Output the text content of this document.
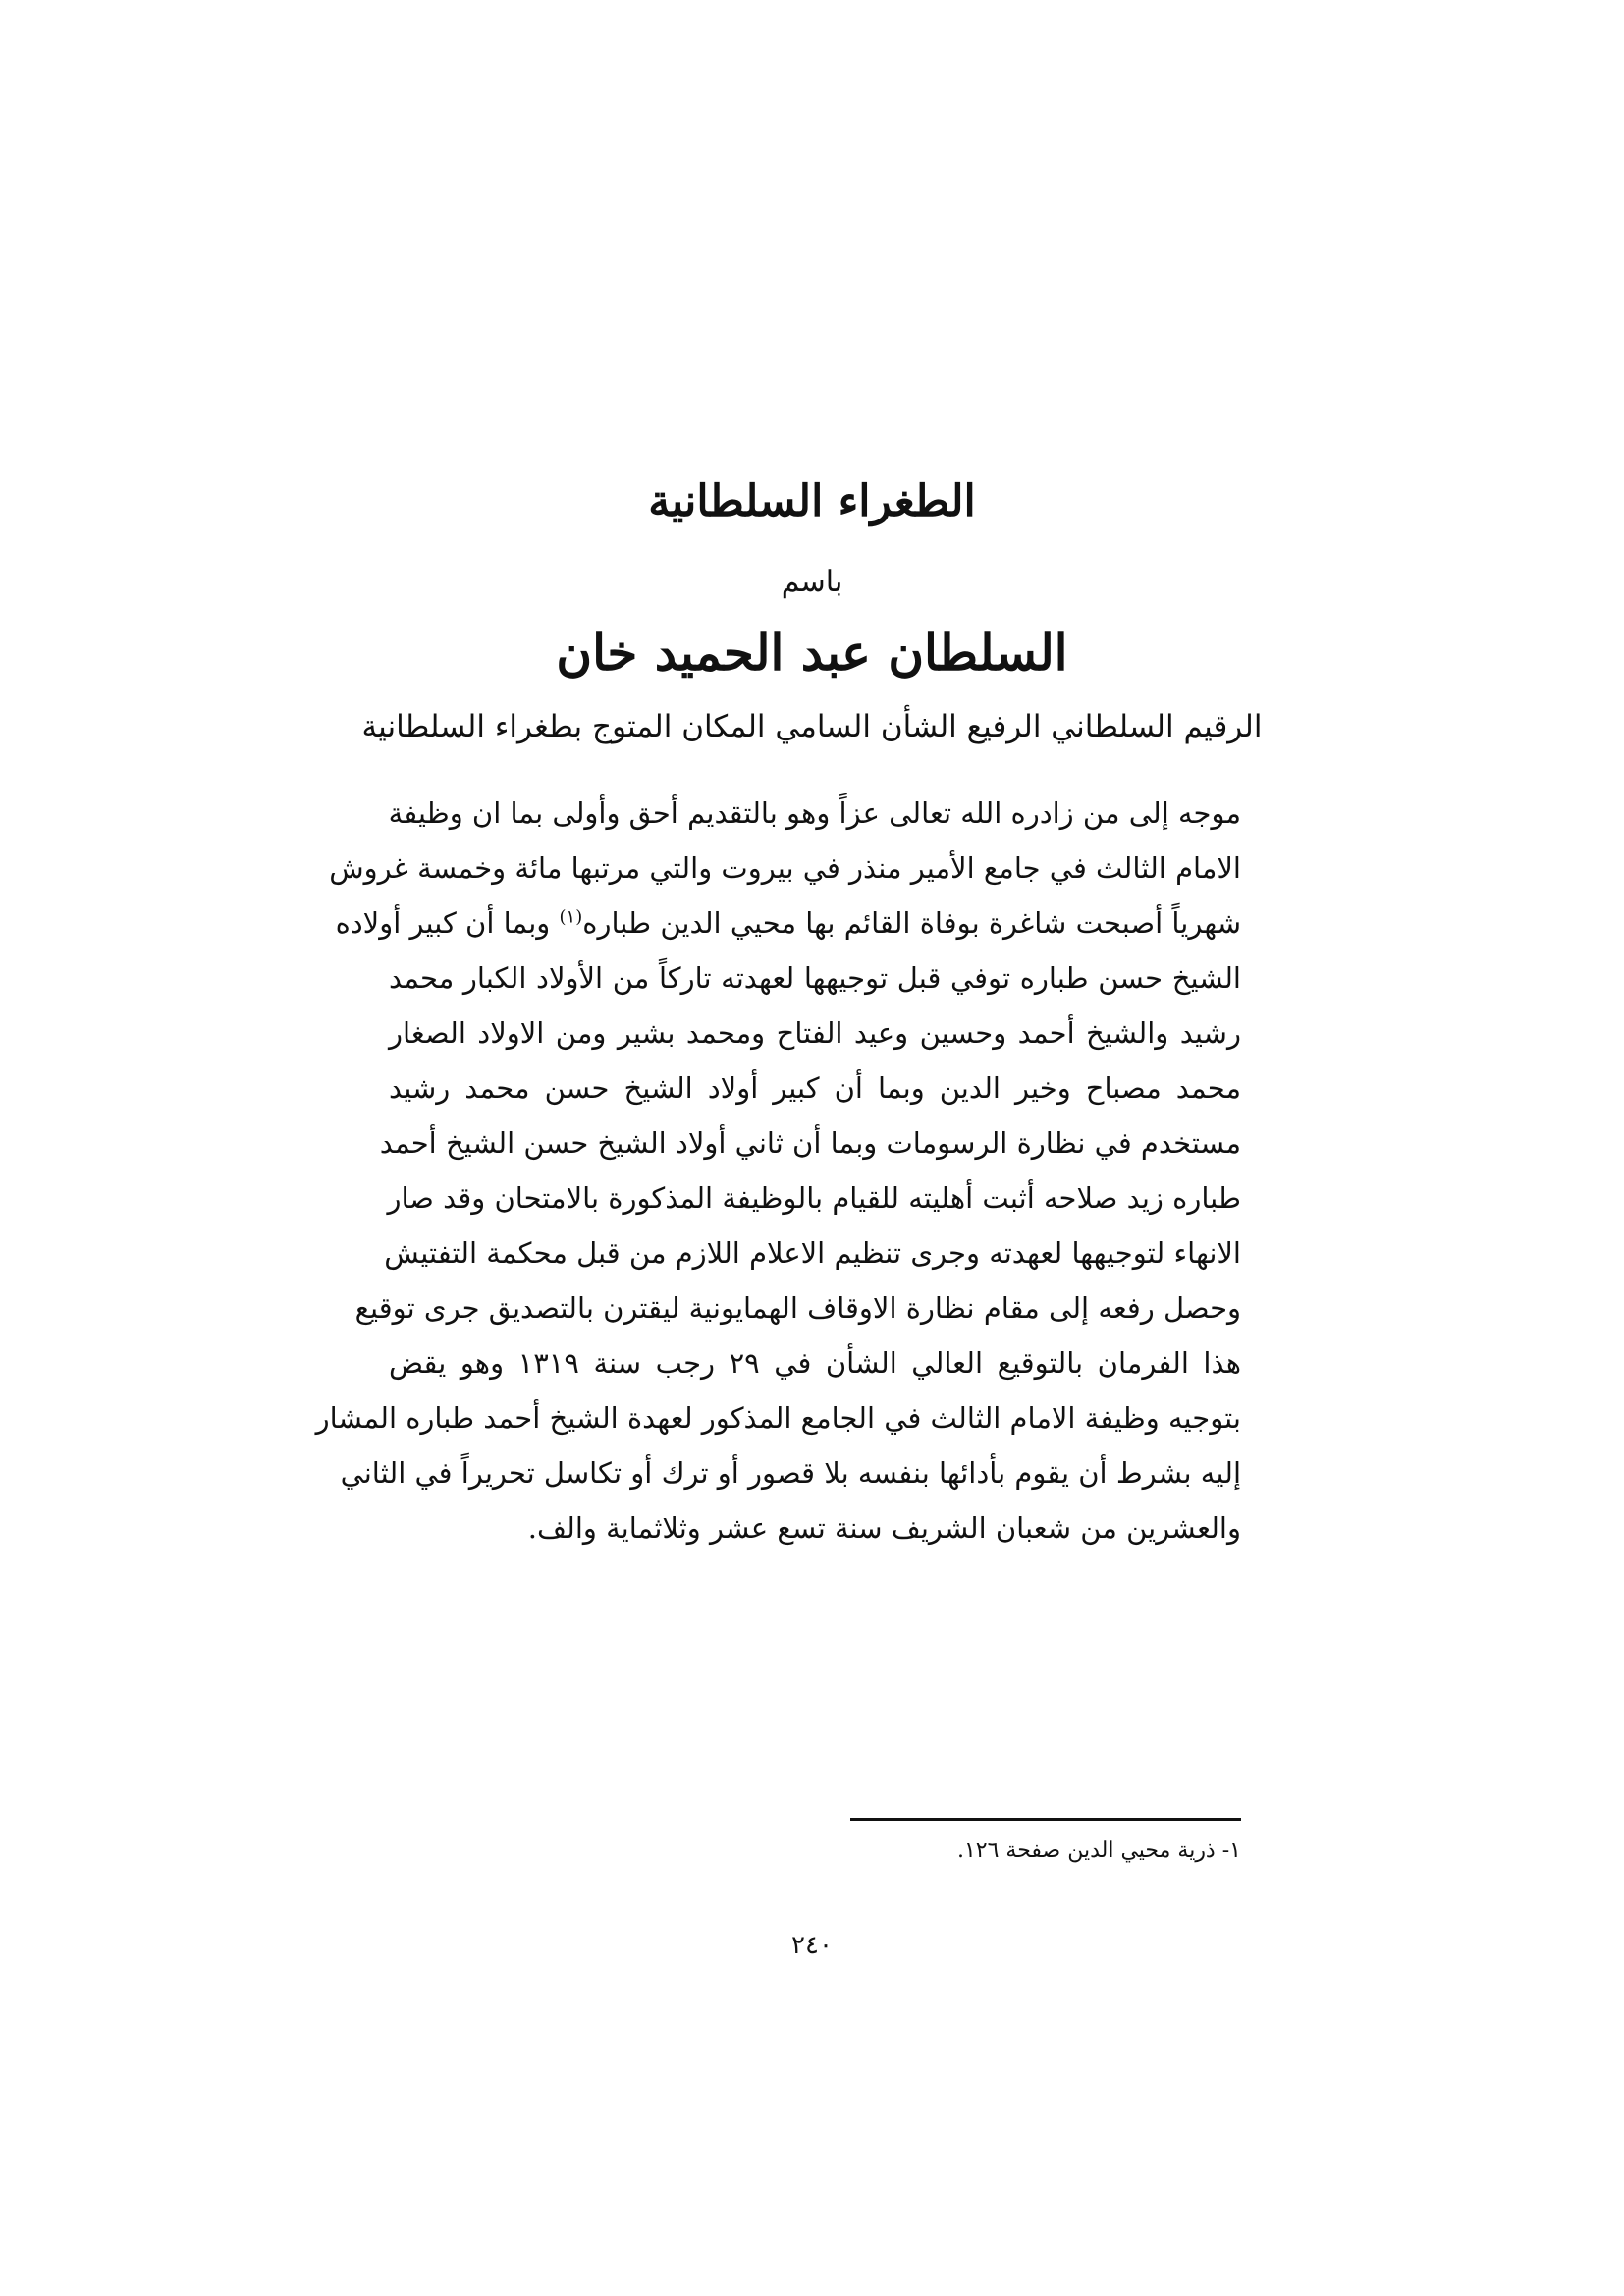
الطغراء السلطانية
باسم
السلطان عبد الحميد خان
الرقيم السلطاني الرفيع الشأن السامي المكان المتوج بطغراء السلطانية
موجه إلى من زادره الله تعالى عزاً وهو بالتقديم أحق وأولى بما ان وظيفة
الامام الثالث في جامع الأمير منذر في بيروت والتي مرتبها مائة وخمسة غروش
شهرياً أصبحت شاغرة بوفاة القائم بها محيي الدين طباره$^{(١)}$ وبما أن كبير أولاده
الشيخ حسن طباره توفي قبل توجيهها لعهدته تاركاً من الأولاد الكبار محمد
رشيد والشيخ أحمد وحسين وعيد الفتاح ومحمد بشير ومن الاولاد الصغار
محمد مصباح وخير الدين وبما أن كبير أولاد الشيخ حسن محمد رشيد
مستخدم في نظارة الرسومات وبما أن ثاني أولاد الشيخ حسن الشيخ أحمد
طباره زيد صلاحه أثبت أهليته للقيام بالوظيفة المذكورة بالامتحان وقد صار
الانهاء لتوجيهها لعهدته وجرى تنظيم الاعلام اللازم من قبل محكمة التفتيش
وحصل رفعه إلى مقام نظارة الاوقاف الهمايونية ليقترن بالتصديق جرى توقيع
هذا الفرمان بالتوقيع العالي الشأن في ٢٩ رجب سنة ١٣١٩ وهو يقض
بتوجيه وظيفة الامام الثالث في الجامع المذكور لعهدة الشيخ أحمد طباره المشار
إليه بشرط أن يقوم بأدائها بنفسه بلا قصور أو ترك أو تكاسل تحريراً في الثاني
والعشرين من شعبان الشريف سنة تسع عشر وثلاثماية والف.
١- ذرية محيي الدين صفحة ١٢٦.
٢٤٠
